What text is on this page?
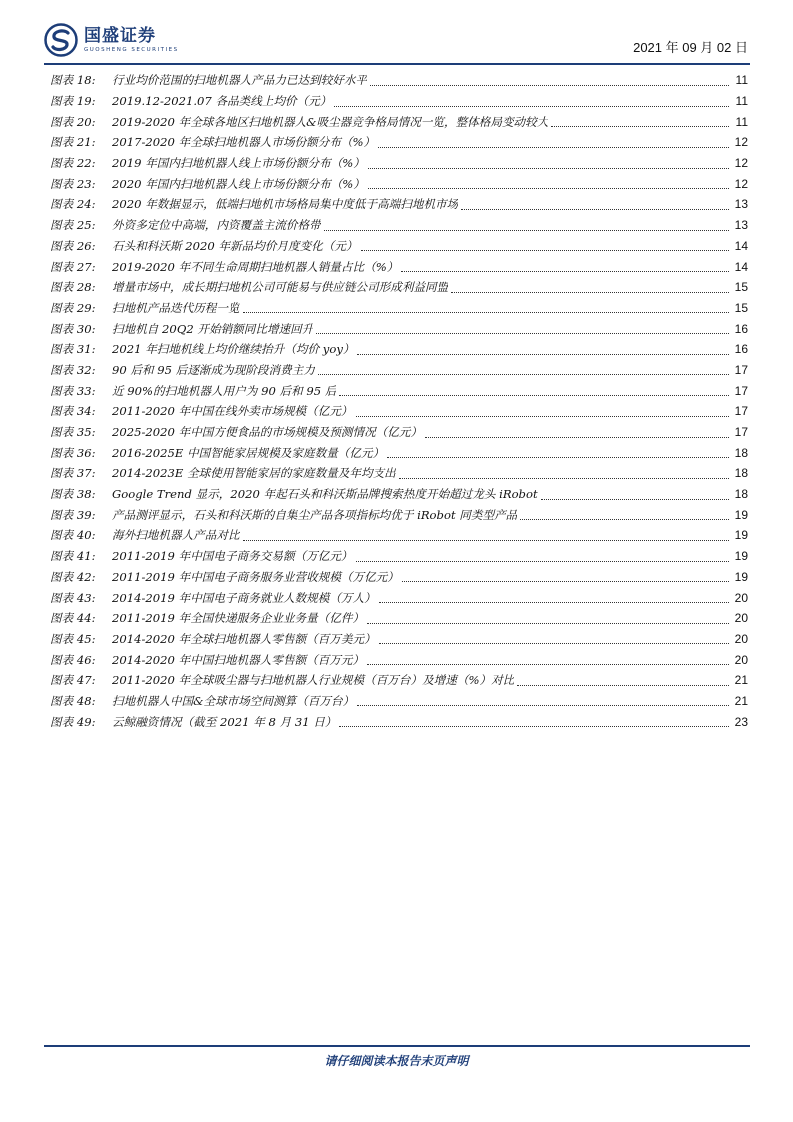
国盛证券
GUOSHENG SECURITIES	2021 年 09 月 02 日
图表 18:	行业均价范围的扫地机器人产品力已达到较好水平	11
图表 19:	2019.12-2021.07 各品类线上均价（元）	11
图表 20:	2019-2020 年全球各地区扫地机器人&吸尘器竞争格局情况一览，整体格局变动较大	11
图表 21:	2017-2020 年全球扫地机器人市场份额分布（%）	12
图表 22:	2019 年国内扫地机器人线上市场份额分布（%）	12
图表 23:	2020 年国内扫地机器人线上市场份额分布（%）	12
图表 24:	2020 年数据显示，低端扫地机市场格局集中度低于高端扫地机市场	13
图表 25:	外资多定位中高端，内资覆盖主流价格带	13
图表 26:	石头和科沃斯 2020 年新品均价月度变化（元）	14
图表 27:	2019-2020 年不同生命周期扫地机器人销量占比（%）	14
图表 28:	增量市场中，成长期扫地机公司可能易与供应链公司形成利益同盟	15
图表 29:	扫地机产品迭代历程一览	15
图表 30:	扫地机自 20Q2 开始销额同比增速回升	16
图表 31:	2021 年扫地机线上均价继续抬升（均价 yoy）	16
图表 32:	90 后和 95 后逐渐成为现阶段消费主力	17
图表 33:	近 90%的扫地机器人用户为 90 后和 95 后	17
图表 34:	2011-2020 年中国在线外卖市场规模（亿元）	17
图表 35:	2025-2020 年中国方便食品的市场规模及预测情况（亿元）	17
图表 36:	2016-2025E 中国智能家居规模及家庭数量（亿元）	18
图表 37:	2014-2023E 全球使用智能家居的家庭数量及年均支出	18
图表 38:	Google Trend 显示，2020 年起石头和科沃斯品牌搜索热度开始超过龙头 iRobot	18
图表 39:	产品测评显示，石头和科沃斯的自集尘产品各项指标均优于 iRobot 同类型产品	19
图表 40:	海外扫地机器人产品对比	19
图表 41:	2011-2019 年中国电子商务交易额（万亿元）	19
图表 42:	2011-2019 年中国电子商务服务业营收规模（万亿元）	19
图表 43:	2014-2019 年中国电子商务就业人数规模（万人）	20
图表 44:	2011-2019 年全国快递服务企业业务量（亿件）	20
图表 45:	2014-2020 年全球扫地机器人零售额（百万美元）	20
图表 46:	2014-2020 年中国扫地机器人零售额（百万元）	20
图表 47:	2011-2020 年全球吸尘器与扫地机器人行业规模（百万台）及增速（%）对比	21
图表 48:	扫地机器人中国&全球市场空间测算（百万台）	21
图表 49:	云鲸融资情况（截至 2021 年 8 月 31 日）	23
请仔细阅读本报告末页声明
